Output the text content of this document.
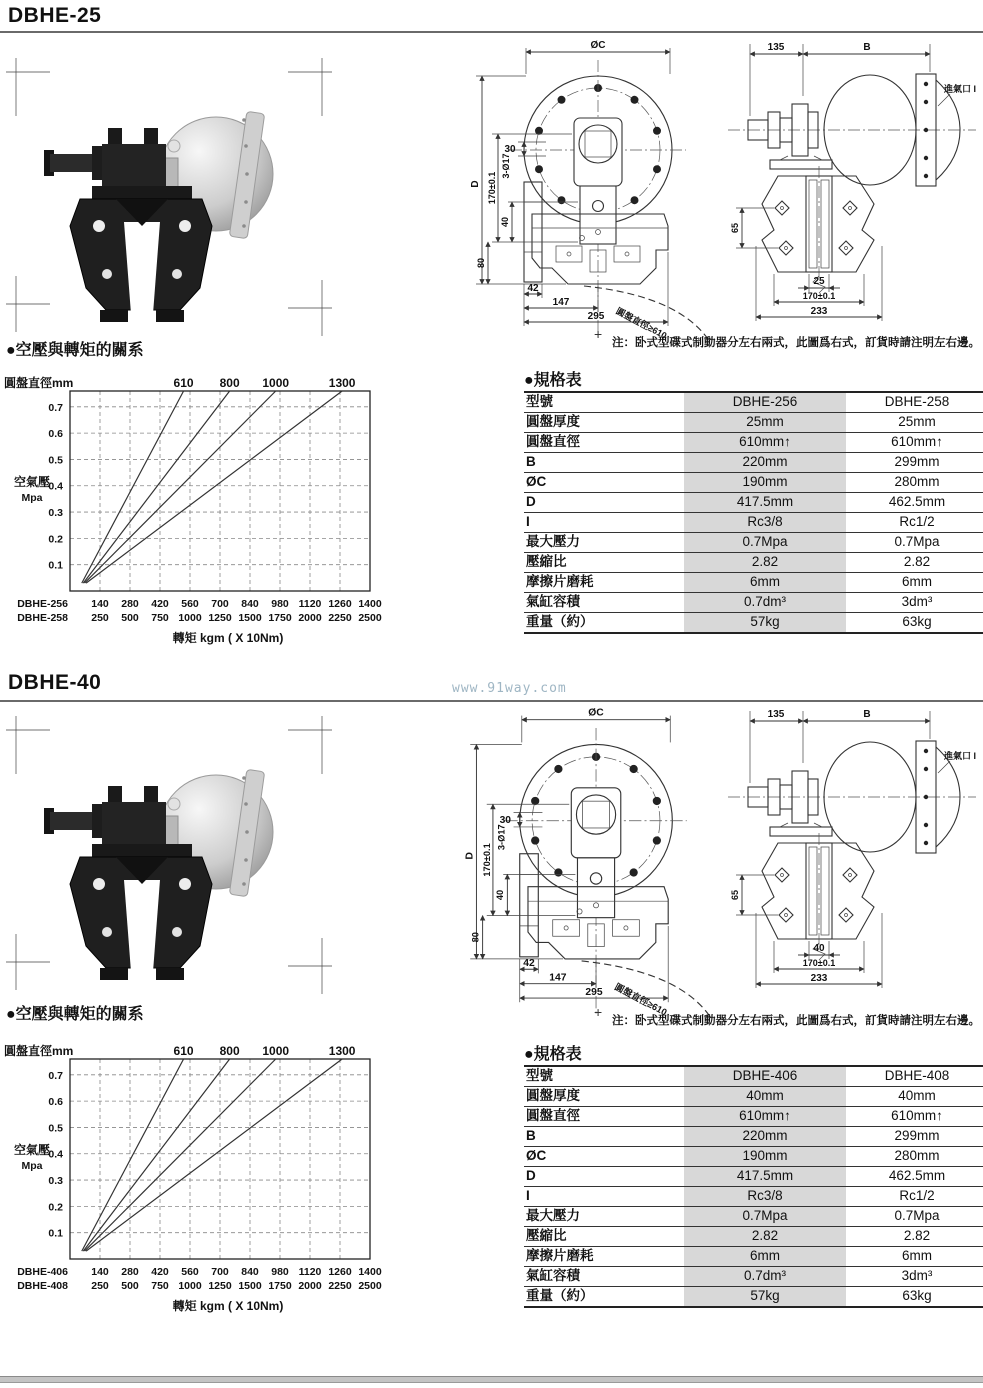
DBHE-25
ØC
30
D 170±0.1
3-Ø17
40
80
42
147
295 圓盤直徑≥610
135	B
進氣口 I
65
25
170±0.1
233
+
注：卧式型碟式制動器分左右兩式，此圖爲右式，訂貨時請注明左右邊。
●空壓與轉矩的關系
0.7
0.6
0.5
0.4
0.3
0.2
0.1
圓盤直徑mm
空氣壓
Mpa
610 800 1000	1300
DBHE-256 140 280 420 560 700 840 980 1120 1260 1400
DBHE-258 250 500 750 1000 1250 1500 1750 2000 2250 2500
轉矩 kgm ( X 10Nm)
●規格表
型號	DBHE-256	DBHE-258
圓盤厚度	25mm	25mm
圓盤直徑	610mm↑	610mm↑
B	220mm	299mm
ØC	190mm	280mm
D	417.5mm	462.5mm
I	Rc3/8	Rc1/2
最大壓力	0.7Mpa	0.7Mpa
壓縮比	2.82	2.82
摩擦片磨耗	6mm	6mm
氣缸容積	0.7dm³	3dm³
重量（約）	57kg	63kg
DBHE-40	www.91way.com
ØC
30
D 170±0.1
3-Ø17
40
80
42
147
295 圓盤直徑≥610
135	B
進氣口 I
65
40
170±0.1
233
+
注：卧式型碟式制動器分左右兩式，此圖爲右式，訂貨時請注明左右邊。
●空壓與轉矩的關系
0.7
0.6
0.5
0.4
0.3
0.2
0.1
圓盤直徑mm
空氣壓
Mpa
610 800 1000	1300
DBHE-406 140 280 420 560 700 840 980 1120 1260 1400
DBHE-408 250 500 750 1000 1250 1500 1750 2000 2250 2500
轉矩 kgm ( X 10Nm)
●規格表
型號	DBHE-406	DBHE-408
圓盤厚度	40mm	40mm
圓盤直徑	610mm↑	610mm↑
B	220mm	299mm
ØC	190mm	280mm
D	417.5mm	462.5mm
I	Rc3/8	Rc1/2
最大壓力	0.7Mpa	0.7Mpa
壓縮比	2.82	2.82
摩擦片磨耗	6mm	6mm
氣缸容積	0.7dm³	3dm³
重量（約）	57kg	63kg
